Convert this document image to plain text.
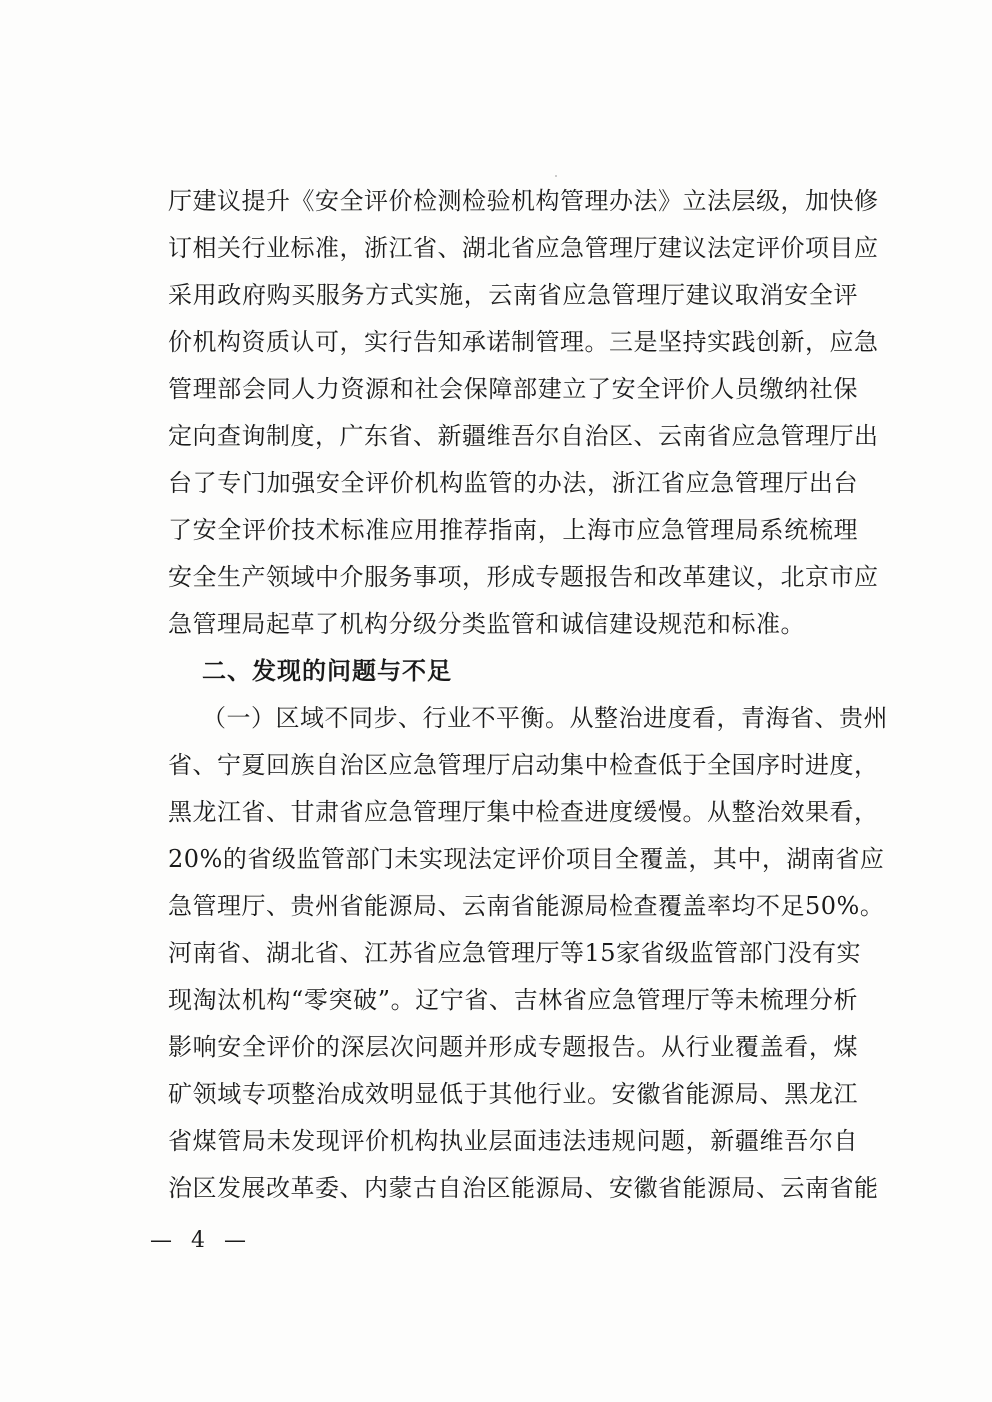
厅建议提升《安全评价检测检验机构管理办法》立法层级，加快修
订相关行业标准，浙江省、湖北省应急管理厅建议法定评价项目应
采用政府购买服务方式实施，云南省应急管理厅建议取消安全评
价机构资质认可，实行告知承诺制管理。三是坚持实践创新，应急
管理部会同人力资源和社会保障部建立了安全评价人员缴纳社保
定向查询制度，广东省、新疆维吾尔自治区、云南省应急管理厅出
台了专门加强安全评价机构监管的办法，浙江省应急管理厅出台
了安全评价技术标准应用推荐指南，上海市应急管理局系统梳理
安全生产领域中介服务事项，形成专题报告和改革建议，北京市应
急管理局起草了机构分级分类监管和诚信建设规范和标准。
二、发现的问题与不足
（一）区域不同步、行业不平衡。从整治进度看，青海省、贵州
省、宁夏回族自治区应急管理厅启动集中检查低于全国序时进度，
黑龙江省、甘肃省应急管理厅集中检查进度缓慢。从整治效果看，
20%的省级监管部门未实现法定评价项目全覆盖，其中，湖南省应
急管理厅、贵州省能源局、云南省能源局检查覆盖率均不足50%。
河南省、湖北省、江苏省应急管理厅等15家省级监管部门没有实
现淘汰机构“零突破”。辽宁省、吉林省应急管理厅等未梳理分析
影响安全评价的深层次问题并形成专题报告。从行业覆盖看，煤
矿领域专项整治成效明显低于其他行业。安徽省能源局、黑龙江
省煤管局未发现评价机构执业层面违法违规问题，新疆维吾尔自
治区发展改革委、内蒙古自治区能源局、安徽省能源局、云南省能
— 4 —
